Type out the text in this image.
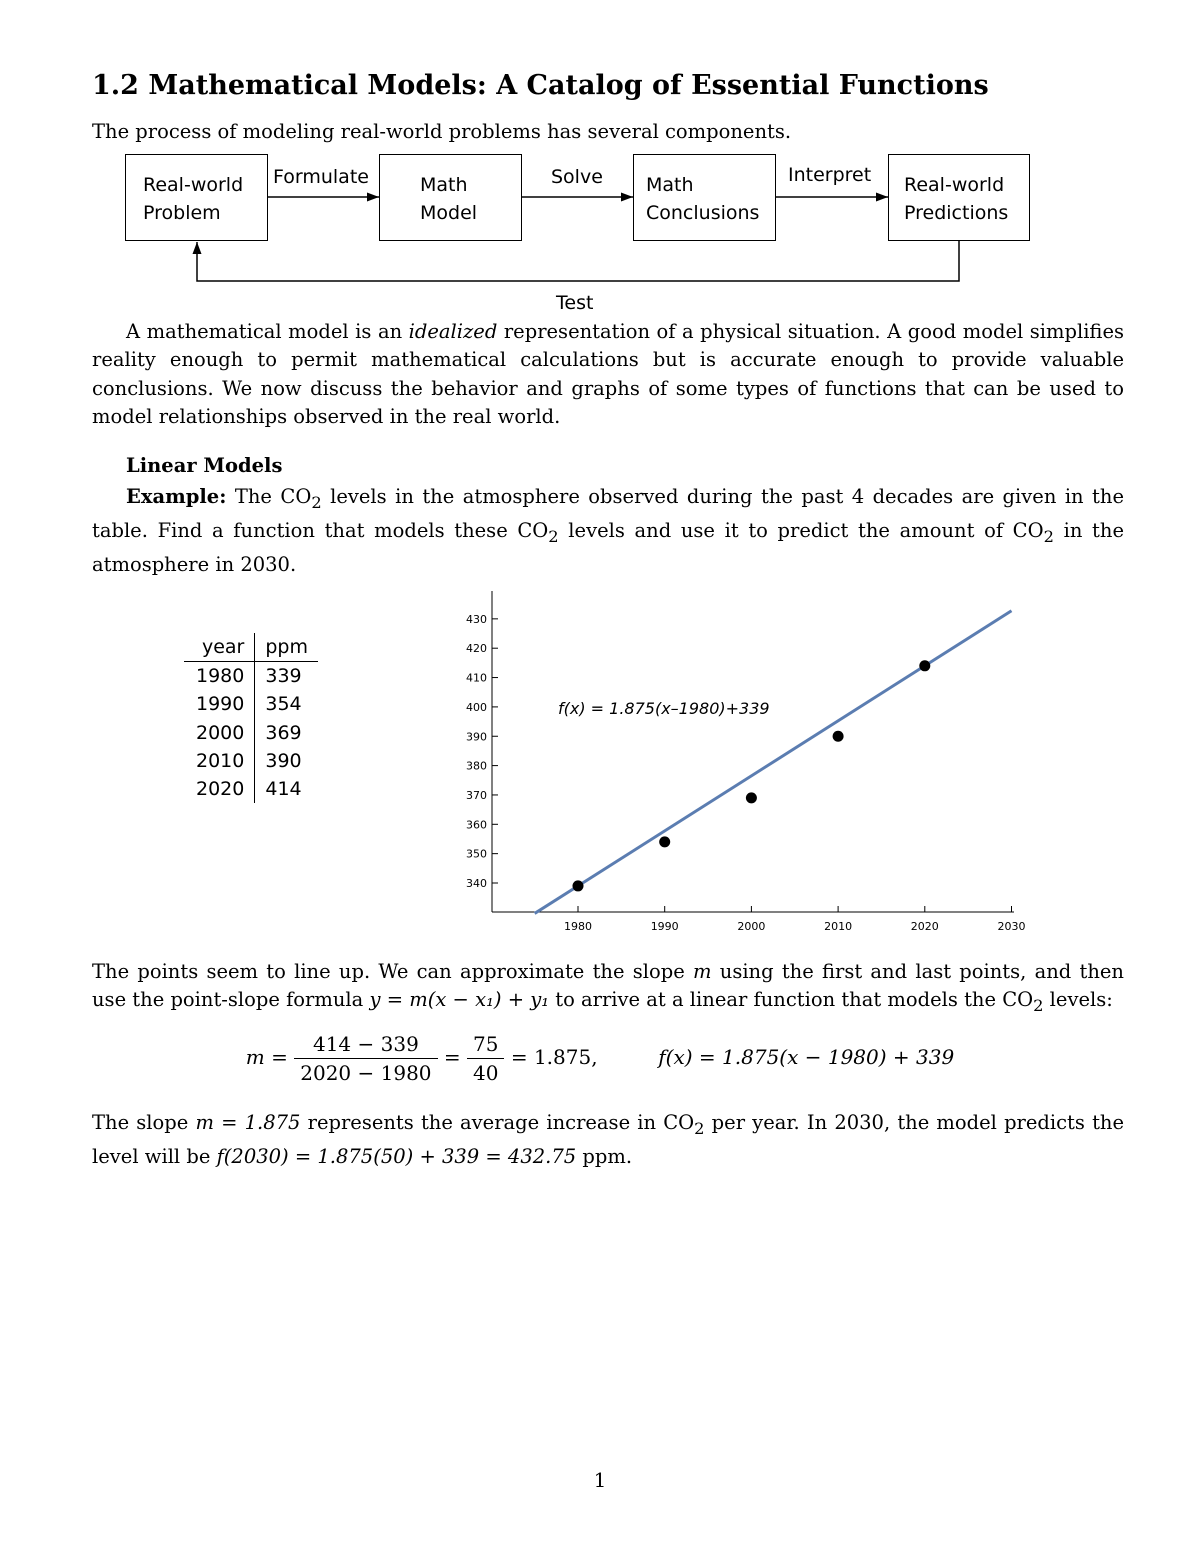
1.2 Mathematical Models: A Catalog of Essential Functions
The process of modeling real-world problems has several components.
Real-world
Problem
Math
Model
Math
Conclusions
Real-world
Predictions
Formulate	Solve	Interpret
Test
A mathematical model is an idealized representation of a physical situation. A good model simplifies reality enough to permit mathematical calculations but is accurate enough to provide valuable conclusions. We now discuss the behavior and graphs of some types of functions that can be used to model relationships observed in the real world.
Linear Models
Example: The $CO_2$ levels in the atmosphere observed during the past 4 decades are given in the table. Find a function that models these $CO_2$ levels and use it to predict the amount of $CO_2$ in the atmosphere in 2030.
year	ppm
1980	339
1990	354
2000	369
2010	390
2020	414
340
350
360
370
380
390
400
410
420
430
1980	1990	2000	2010	2020	2030
f(x) = 1.875(x–1980)+339
The points seem to line up. We can approximate the slope m using the first and last points, and then use the point-slope formula y = m(x − x₁) + y₁ to arrive at a linear function that models the $CO_2$ levels:
$m = \frac{414 - 339}{2020 - 1980} = \frac{75}{40} = 1.875$,	f(x) = 1.875(x − 1980) + 339
The slope m = 1.875 represents the average increase in $CO_2$ per year. In 2030, the model predicts the level will be f(2030) = 1.875(50) + 339 = 432.75 ppm.
1
